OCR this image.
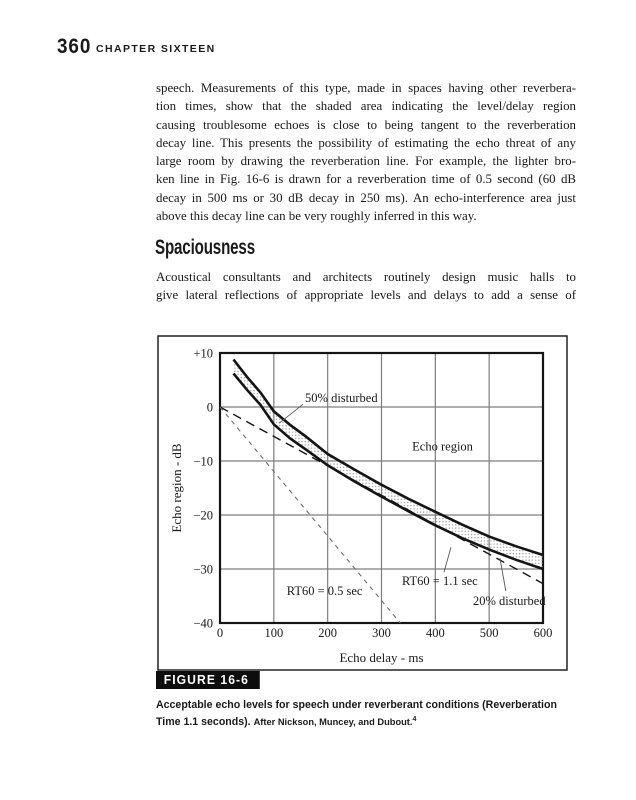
360 CHAPTER SIXTEEN
speech. Measurements of this type, made in spaces having other reverbera-
tion times, show that the shaded area indicating the level/delay region
causing troublesome echoes is close to being tangent to the reverberation
decay line. This presents the possibility of estimating the echo threat of any
large room by drawing the reverberation line. For example, the lighter bro-
ken line in Fig. 16-6 is drawn for a reverberation time of 0.5 second (60 dB
decay in 500 ms or 30 dB decay in 250 ms). An echo-interference area just
above this decay line can be very roughly inferred in this way.
Spaciousness
Acoustical consultants and architects routinely design music halls to
give lateral reflections of appropriate levels and delays to add a sense of
0	100	200	300	400	500	600
+10
0
−10
−20
−30
−40
Echo delay - ms
Echo region - dB
50% disturbed
Echo region
RT60 = 0.5 sec
RT60 = 1.1 sec
20% disturbed
FIGURE 16-6

Acceptable echo levels for speech under reverberant conditions (Reverberation Time 1.1 seconds). After Nickson, Muncey, and Dubout.$^4$
